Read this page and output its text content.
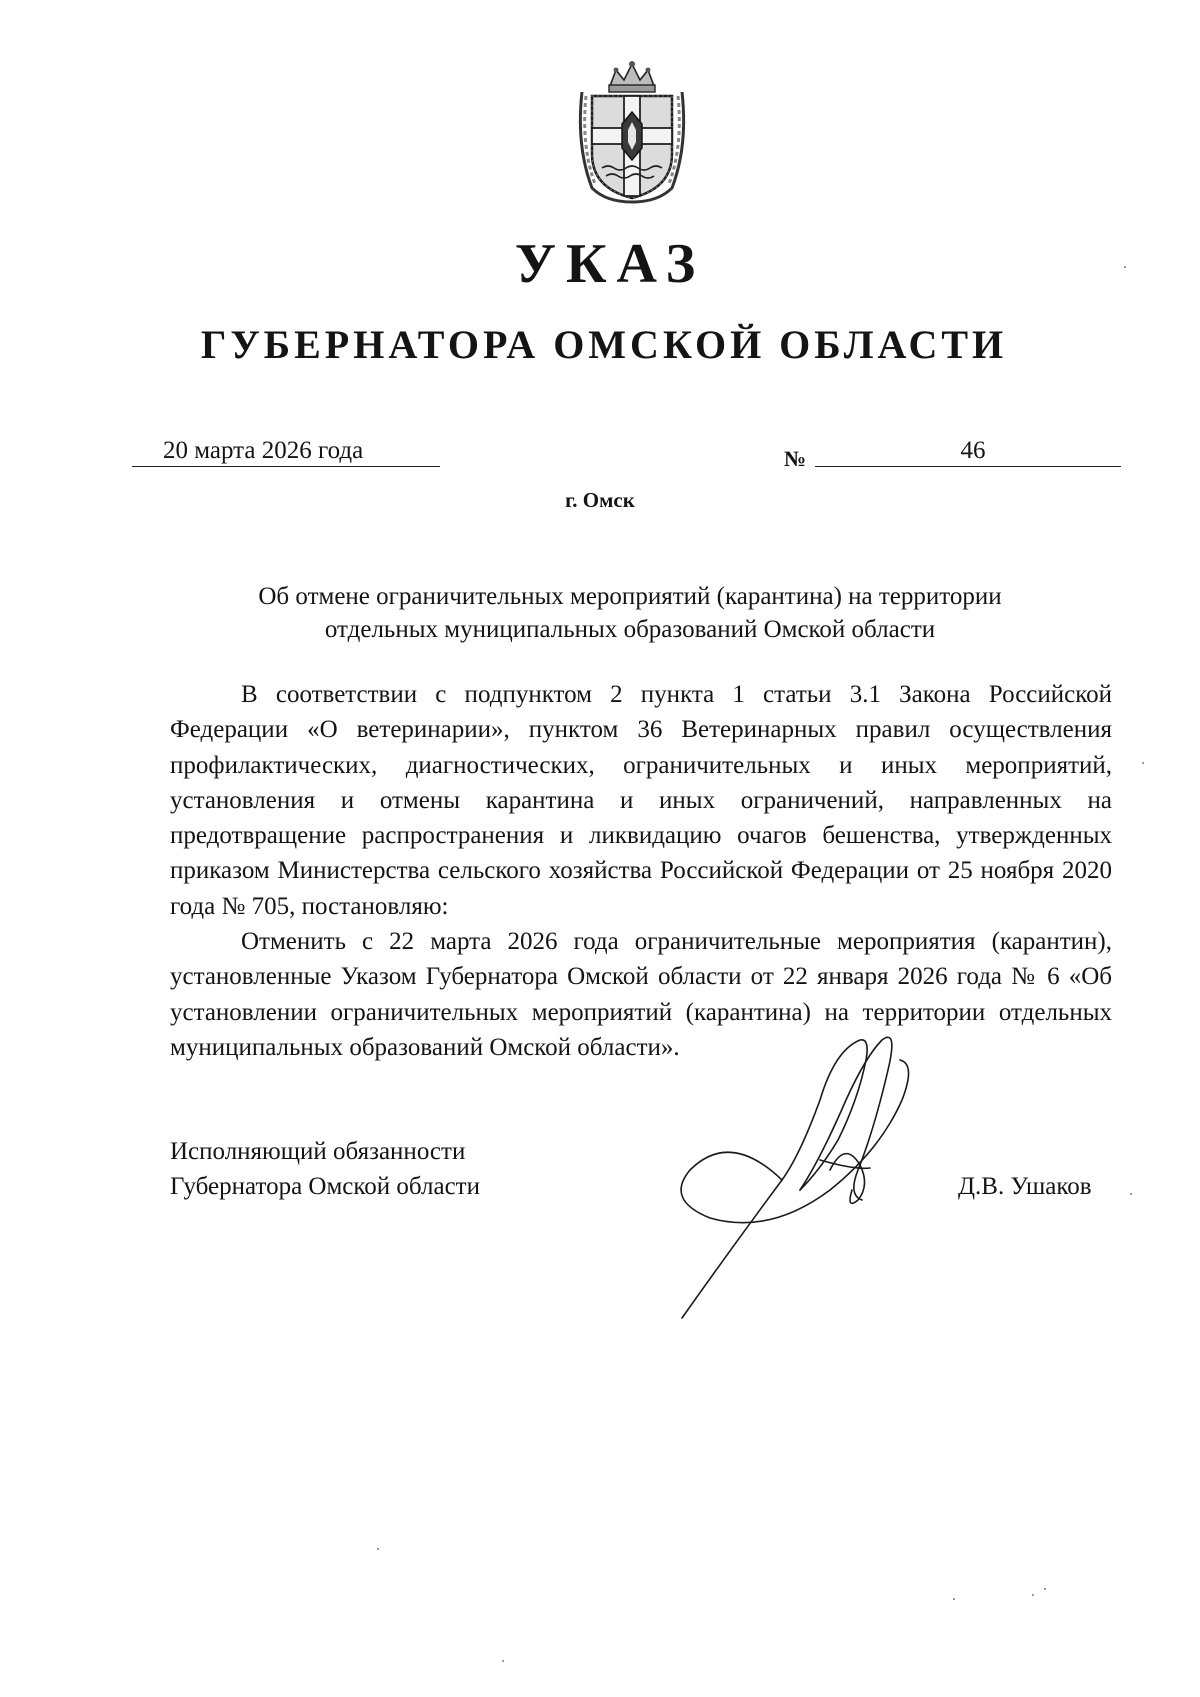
УКАЗ
ГУБЕРНАТОРА ОМСКОЙ ОБЛАСТИ
20 марта 2026 года	№	46
г. Омск
Об отмене ограничительных мероприятий (карантина) на территории
отдельных муниципальных образований Омской области

В соответствии с подпунктом 2 пункта 1 статьи 3.1 Закона Российской Федерации «О ветеринарии», пунктом 36 Ветеринарных правил осуществления профилактических, диагностических, ограничительных и иных мероприятий, установления и отмены карантина и иных ограничений, направленных на предотвращение распространения и ликвидацию очагов бешенства, утвержденных приказом Министерства сельского хозяйства Российской Федерации от 25 ноября 2020 года № 705, постановляю:

Отменить с 22 марта 2026 года ограничительные мероприятия (карантин), установленные Указом Губернатора Омской области от 22 января 2026 года № 6 «Об установлении ограничительных мероприятий (карантина) на территории отдельных муниципальных образований Омской области».

Исполняющий обязанности
Губернатора Омской области	Д.В. Ушаков
